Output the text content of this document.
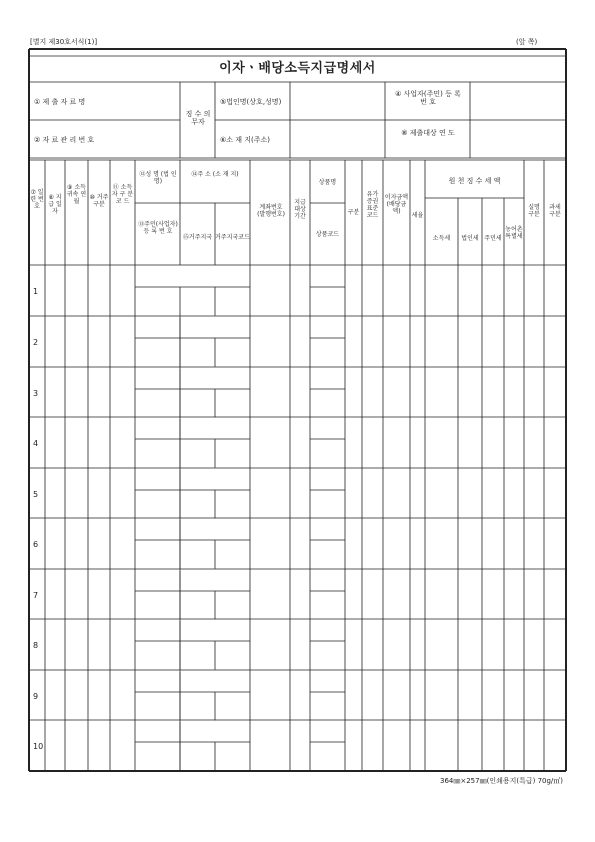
[별지 제30호서식(1)]	(앞 쪽)
이자ㆍ배당소득지급명세서
① 제 출 자 료 명
② 자 료 관 리 번 호
징 수 의무자
⑤법인명(상호,성명)
⑥소 재 지(주소)
④ 사업자(주민) 등 록 번 호
⑧ 제출대상 연 도
⑦ 일련 번호
⑧ 지급 일자
⑨ 소득 귀속 연월
⑩ 거주 구분
⑪ 소득자 구 분 코 드
⑫성 명 (법 인 명)
⑬주민(사업자) 등 록 번 호
⑭주 소 (소 재 지)
⑮거주지국 거주지국코드
계좌번호 (발행번호)
지급 대상 기간
상품명
상품코드
구분
유가 증권 표준 코드
이자금액 (배당금 액)
세율
원 천 징 수 세 액
소득세	법인세 주민세
농어촌 특별세
실명 구분
과세 구분
1
2
3
4
5
6
7
8
9
10
364㎜×257㎜(인쇄용지(특급) 70g/㎡)
